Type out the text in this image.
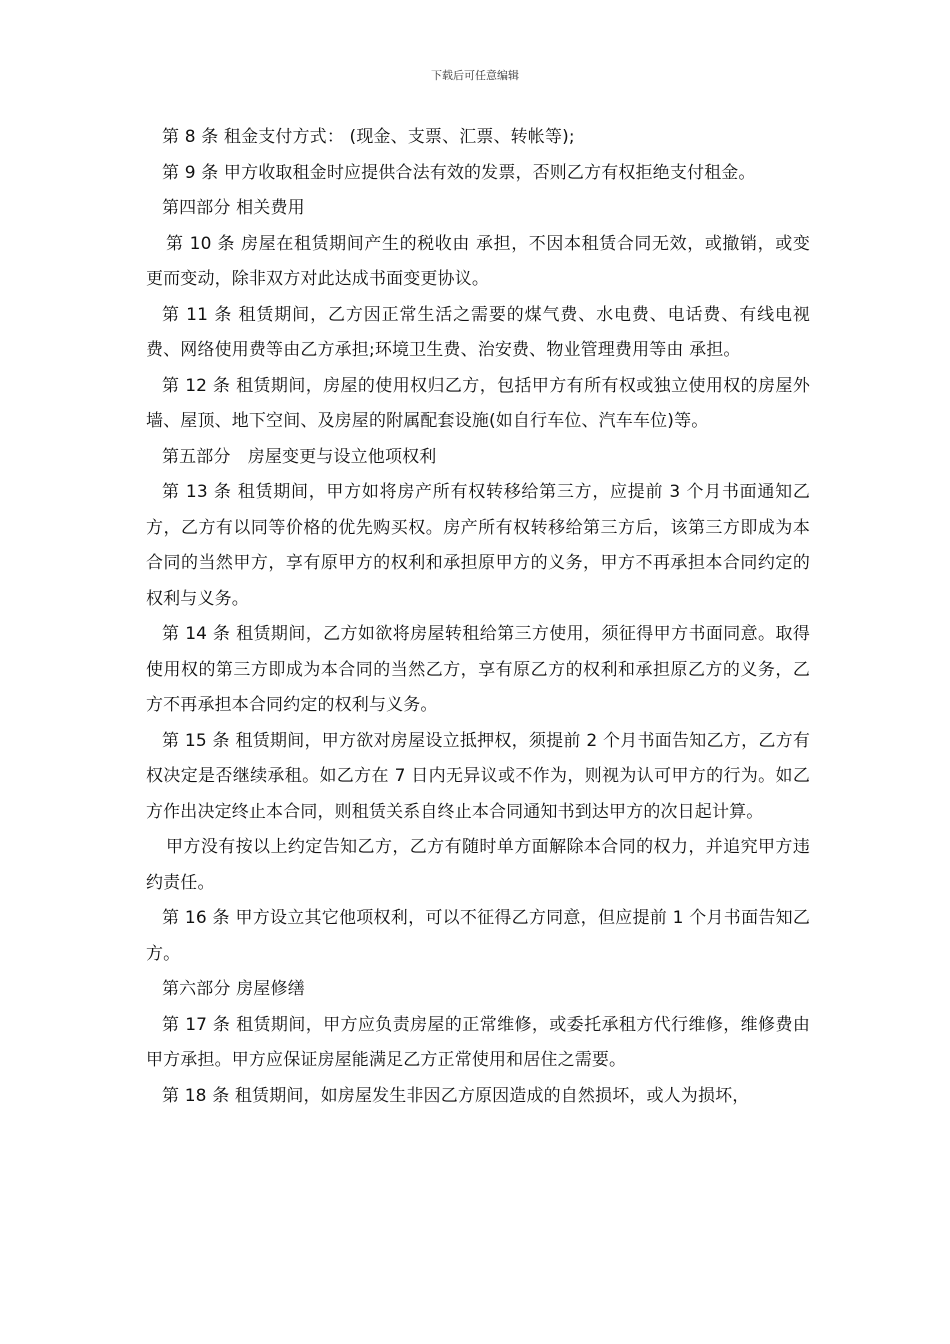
下载后可任意编辑

第 8 条 租金支付方式： (现金、支票、汇票、转帐等);

第 9 条 甲方收取租金时应提供合法有效的发票，否则乙方有权拒绝支付租金。

第四部分 相关费用

第 10 条 房屋在租赁期间产生的税收由 承担，不因本租赁合同无效，或撤销，或变更而变动，除非双方对此达成书面变更协议。

第 11 条 租赁期间，乙方因正常生活之需要的煤气费、水电费、电话费、有线电视费、网络使用费等由乙方承担;环境卫生费、治安费、物业管理费用等由 承担。

第 12 条 租赁期间，房屋的使用权归乙方，包括甲方有所有权或独立使用权的房屋外墙、屋顶、地下空间、及房屋的附属配套设施(如自行车位、汽车车位)等。

第五部分　房屋变更与设立他项权利

第 13 条 租赁期间，甲方如将房产所有权转移给第三方，应提前 3 个月书面通知乙方，乙方有以同等价格的优先购买权。房产所有权转移给第三方后，该第三方即成为本合同的当然甲方，享有原甲方的权利和承担原甲方的义务，甲方不再承担本合同约定的权利与义务。

第 14 条 租赁期间，乙方如欲将房屋转租给第三方使用，须征得甲方书面同意。取得使用权的第三方即成为本合同的当然乙方，享有原乙方的权利和承担原乙方的义务，乙方不再承担本合同约定的权利与义务。

第 15 条 租赁期间，甲方欲对房屋设立抵押权，须提前 2 个月书面告知乙方，乙方有权决定是否继续承租。如乙方在 7 日内无异议或不作为，则视为认可甲方的行为。如乙方作出决定终止本合同，则租赁关系自终止本合同通知书到达甲方的次日起计算。

甲方没有按以上约定告知乙方，乙方有随时单方面解除本合同的权力，并追究甲方违约责任。

第 16 条 甲方设立其它他项权利，可以不征得乙方同意，但应提前 1 个月书面告知乙方。

第六部分 房屋修缮

第 17 条 租赁期间，甲方应负责房屋的正常维修，或委托承租方代行维修，维修费由甲方承担。甲方应保证房屋能满足乙方正常使用和居住之需要。

第 18 条 租赁期间，如房屋发生非因乙方原因造成的自然损坏，或人为损坏，
